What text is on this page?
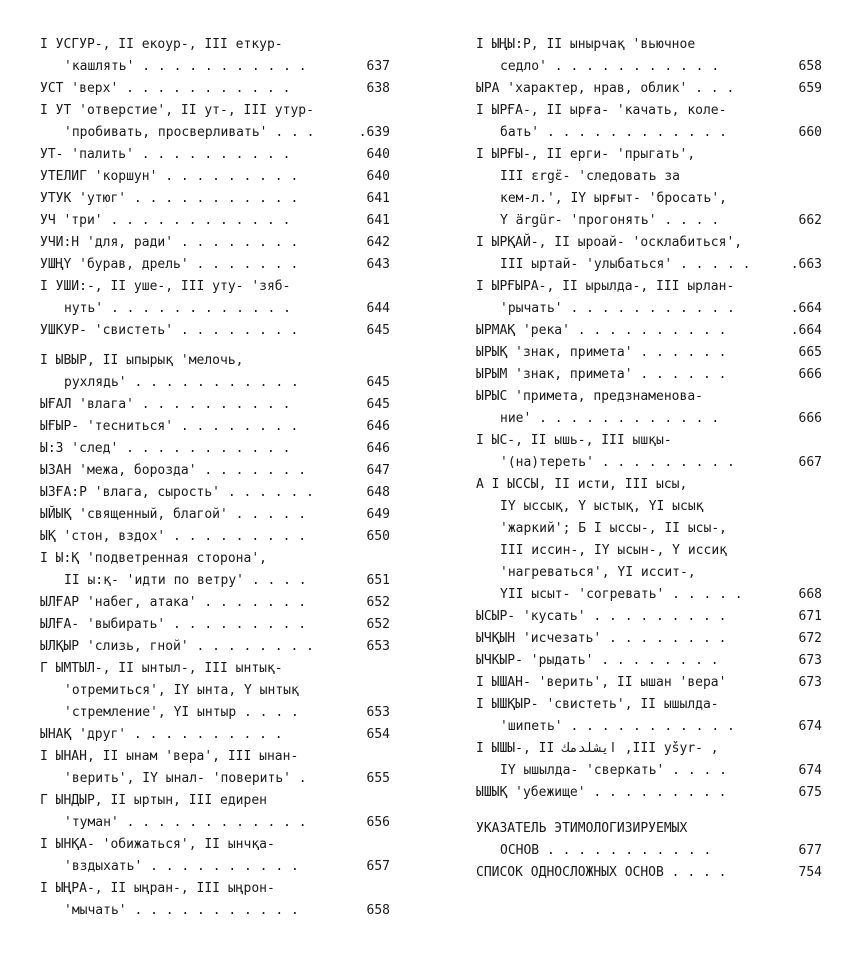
I УСГУР-, II екоур-, III еткур-
'кашлять' . . . . . . . . . . .	637
УСТ 'верх' . . . . . . . . . . .	638
I УТ 'отверстие', II ут-, III утур-
'пробивать, просверливать' . . .	.639
УТ- 'палить' . . . . . . . . . .	640
УТЕЛИГ 'коршун' . . . . . . . . .	640
УТУК 'утюг' . . . . . . . . . . .	641
УЧ 'три' . . . . . . . . . . . .	641
УЧИ:Н 'для, ради' . . . . . . . .	642
УШҢҮ 'бурав, дрель' . . . . . . .	643
I УШИ:-, II уше-, III уту- 'зяб-
нуть' . . . . . . . . . . . .	644
УШКУР- 'свистеть' . . . . . . . .	645
I ЫВЫР, II ыпырық 'мелочь,
рухлядь' . . . . . . . . . . .	645
ЫҒАЛ 'влага' . . . . . . . . . .	645
ЫҒЫР- 'тесниться' . . . . . . . .	646
Ы:З 'след' . . . . . . . . . . .	646
ЫЗАН 'межа, борозда' . . . . . . .	647
ЫЗҒА:Р 'влага, сырость' . . . . . .	648
ЫЙЫҚ 'священный, благой' . . . . .	649
ЫҚ 'стон, вздох' . . . . . . . . .	650
I Ы:Қ 'подветренная сторона',
II ы:қ- 'идти по ветру' . . . .	651
ЫЛҒАР 'набег, атака' . . . . . . .	652
ЫЛҒА- 'выбирать' . . . . . . . . .	652
ЫЛҚЫР 'слизь, гной' . . . . . . . .	653
Г ЫМТЫЛ-, II ынтыл-, III ынтық-
'отремиться', IY ынта, Y ынтық
'стремление', YI ынтыр . . . .	653
ЫНАҚ 'друг' . . . . . . . . . .	654
I ЫНАН, II ынам 'вера', III ынан-
'верить', IY ынал- 'поверить' .	655
Г ЫНДЫР, II ыртын, III едирен
'туман' . . . . . . . . . . . .	656
I ЫНҚА- 'обижаться', II ынчқа-
'вздыхать' . . . . . . . . . .	657
I ЫҢРА-, II ыңран-, III ыңрон-
'мычать' . . . . . . . . . . .	658
I ЫҢЫ:Р, II ынырчақ 'вьючное
седло' . . . . . . . . . . .	658
ЫРА 'характер, нрав, облик' . . .	659
I ЫРҒА-, II ырға- 'качать, коле-
бать' . . . . . . . . . . . .	660
I ЫРҒЫ-, II ерги- 'прыгать',
III ɛrgɛ̈- 'следовать за
кем-л.', IY ырғыт- 'бросать',
Y ärgür- 'прогонять' . . . .	662
I ЫРҚАЙ-, II ыроай- 'осклабиться',
III ыртай- 'улыбаться' . . . . .	.663
I ЫРҒЫРА-, II ырылда-, III ырлан-
'рычать' . . . . . . . . . . .	.664
ЫРМАҚ 'река' . . . . . . . . . .	.664
ЫРЫҚ 'знак, примета' . . . . . .	665
ЫРЫМ 'знак, примета' . . . . . .	666
ЫРЫС 'примета, предзнаменова-
ние' . . . . . . . . . . . .	666
I ЫС-, II ышь-, III ышқы-
'(на)тереть' . . . . . . . . .	667
A I ЫССЫ, II исти, III ысы,
IY ыссық, Y ыстық, YI ысық
'жаркий'; Б I ыссы-, II ысы-,
III иссин-, IY ысын-, Y иссиқ
'нагреваться', YI иссит-,
YII ысыт- 'согревать' . . . . .	668
ЫСЫР- 'кусать' . . . . . . . . .	671
ЫЧҚЫН 'исчезать' . . . . . . . .	672
ЫЧКЫР- 'рыдать' . . . . . . . .	673
I ЫШАН- 'верить', II ышан 'вера'	673
I ЫШҚЫР- 'свистеть', II ышылда-
'шипеть' . . . . . . . . . . .	674
I ЫШЫ-, II ایشلدمك ,III yšyr- ,
IY ышылда- 'сверкать' . . . .	674
ЫШЫҚ 'убежище' . . . . . . . . .	675
УКАЗАТЕЛЬ ЭТИМОЛОГИЗИРУЕМЫХ
ОСНОВ . . . . . . . . . . .	677
СПИСОК ОДНОСЛОЖНЫХ ОСНОВ . . . .	754
